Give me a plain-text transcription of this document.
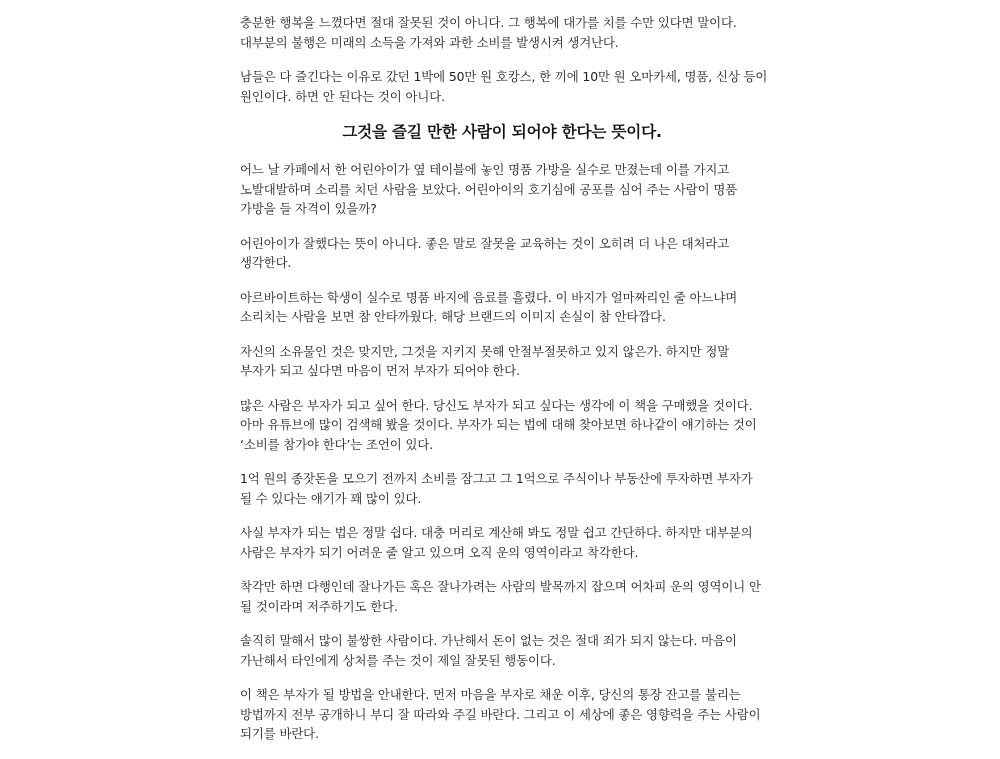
충분한 행복을 느꼈다면 절대 잘못된 것이 아니다. 그 행복에 대가를 치를 수만 있다면 말이다. 대부분의 불행은 미래의 소득을 가져와 과한 소비를 발생시켜 생겨난다.

남들은 다 즐긴다는 이유로 갔던 1박에 50만 원 호캉스, 한 끼에 10만 원 오마카세, 명품, 신상 등이 원인이다. 하면 안 된다는 것이 아니다.

그것을 즐길 만한 사람이 되어야 한다는 뜻이다.

어느 날 카페에서 한 어린아이가 옆 테이블에 놓인 명품 가방을 실수로 만졌는데 이를 가지고 노발대발하며 소리를 치던 사람을 보았다. 어린아이의 호기심에 공포를 심어 주는 사람이 명품 가방을 들 자격이 있을까?

어린아이가 잘했다는 뜻이 아니다. 좋은 말로 잘못을 교육하는 것이 오히려 더 나은 대처라고 생각한다.

아르바이트하는 학생이 실수로 명품 바지에 음료를 흘렸다. 이 바지가 얼마짜리인 줄 아느냐며 소리치는 사람을 보면 참 안타까웠다. 해당 브랜드의 이미지 손실이 참 안타깝다.

자신의 소유물인 것은 맞지만, 그것을 지키지 못해 안절부절못하고 있지 않은가. 하지만 정말 부자가 되고 싶다면 마음이 먼저 부자가 되어야 한다.

많은 사람은 부자가 되고 싶어 한다. 당신도 부자가 되고 싶다는 생각에 이 책을 구매했을 것이다. 아마 유튜브에 많이 검색해 봤을 것이다. 부자가 되는 법에 대해 찾아보면 하나같이 얘기하는 것이 ‘소비를 참가야 한다’는 조언이 있다.

1억 원의 종잣돈을 모으기 전까지 소비를 잠그고 그 1억으로 주식이나 부동산에 투자하면 부자가 될 수 있다는 얘기가 꽤 많이 있다.

사실 부자가 되는 법은 정말 쉽다. 대충 머리로 계산해 봐도 정말 쉽고 간단하다. 하지만 대부분의 사람은 부자가 되기 어려운 줄 알고 있으며 오직 운의 영역이라고 착각한다.

착각만 하면 다행인데 잘나가든 혹은 잘나가려는 사람의 발목까지 잡으며 어차피 운의 영역이니 안 될 것이라며 저주하기도 한다.

솔직히 말해서 많이 불쌍한 사람이다. 가난해서 돈이 없는 것은 절대 죄가 되지 않는다. 마음이 가난해서 타인에게 상처를 주는 것이 제일 잘못된 행동이다.

이 책은 부자가 될 방법을 안내한다. 먼저 마음을 부자로 채운 이후, 당신의 통장 잔고를 불리는 방법까지 전부 공개하니 부디 잘 따라와 주길 바란다. 그리고 이 세상에 좋은 영향력을 주는 사람이 되기를 바란다.
